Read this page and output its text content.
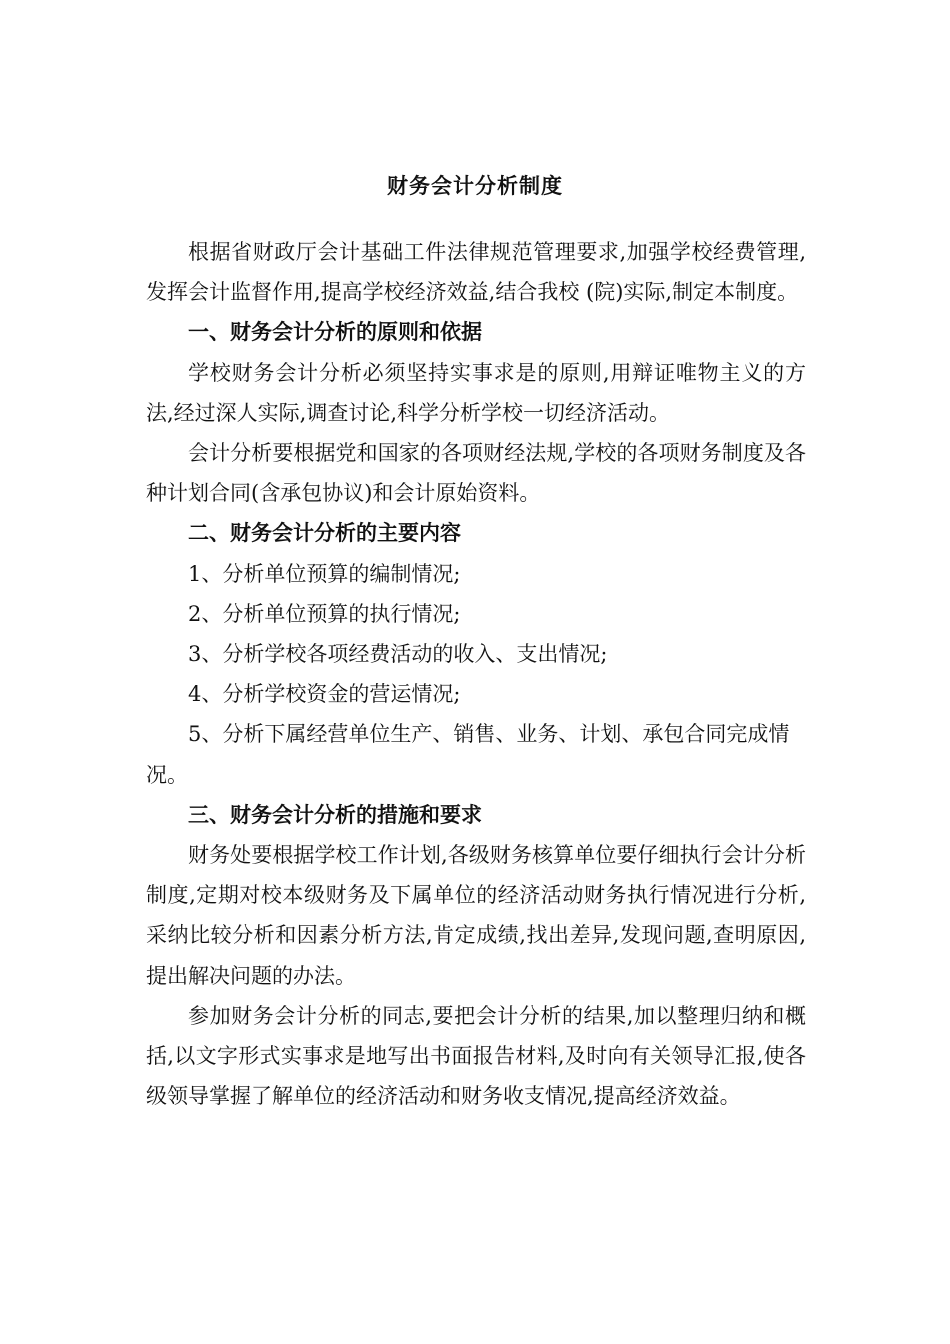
财务会计分析制度

根据省财政厅会计基础工件法律规范管理要求,加强学校经费管理,发挥会计监督作用,提高学校经济效益,结合我校 (院)实际,制定本制度。

一、财务会计分析的原则和依据

学校财务会计分析必须坚持实事求是的原则,用辩证唯物主义的方法,经过深人实际,调查讨论,科学分析学校一切经济活动。

会计分析要根据党和国家的各项财经法规,学校的各项财务制度及各种计划合同(含承包协议)和会计原始资料。

二、财务会计分析的主要内容

1、分析单位预算的编制情况;

2、分析单位预算的执行情况;

3、分析学校各项经费活动的收入、支出情况;

4、分析学校资金的营运情况;

5、分析下属经营单位生产、销售、业务、计划、承包合同完成情况。

三、财务会计分析的措施和要求

财务处要根据学校工作计划,各级财务核算单位要仔细执行会计分析制度,定期对校本级财务及下属单位的经济活动财务执行情况进行分析,采纳比较分析和因素分析方法,肯定成绩,找出差异,发现问题,查明原因,提出解决问题的办法。

参加财务会计分析的同志,要把会计分析的结果,加以整理归纳和概括,以文字形式实事求是地写出书面报告材料,及时向有关领导汇报,使各级领导掌握了解单位的经济活动和财务收支情况,提高经济效益。
